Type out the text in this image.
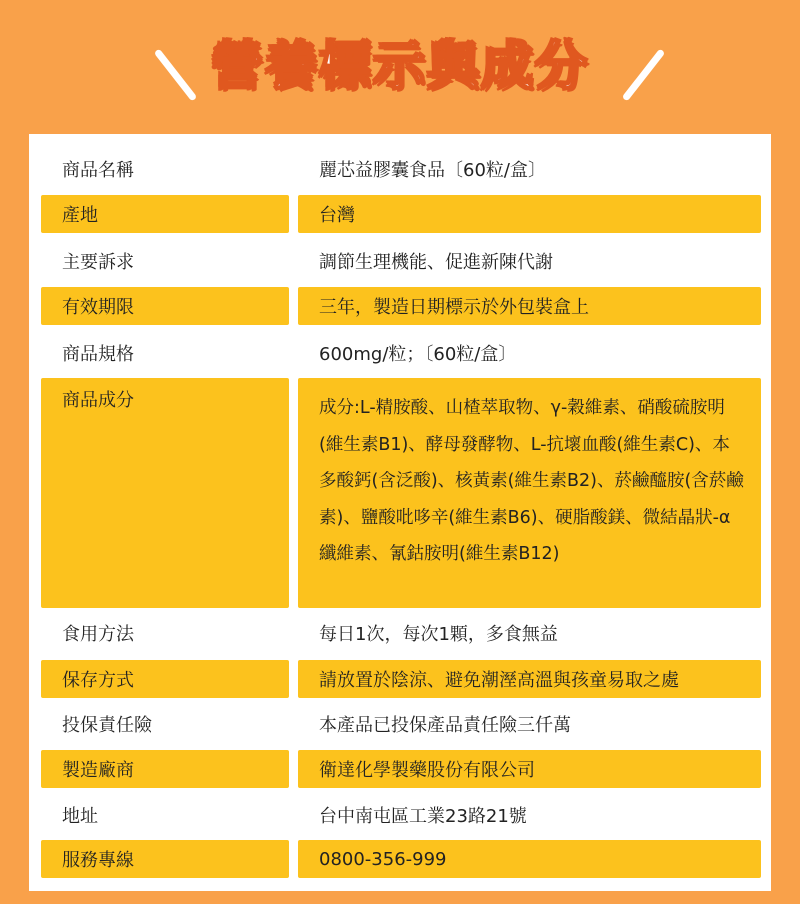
營養標示與成分
商品名稱	麗芯益膠囊食品〔60粒/盒〕
產地	台灣
主要訴求	調節生理機能、促進新陳代謝
有效期限	三年，製造日期標示於外包裝盒上
商品規格	600mg/粒；〔60粒/盒〕
商品成分	成分:L-精胺酸、山楂萃取物、γ-穀維素、硝酸硫胺明(維生素B1)、酵母發酵物、L-抗壞血酸(維生素C)、本多酸鈣(含泛酸)、核黃素(維生素B2)、菸鹼醯胺(含菸鹼素)、鹽酸吡哆辛(維生素B6)、硬脂酸鎂、微結晶狀-α纖維素、氰鈷胺明(維生素B12)
食用方法	每日1次，每次1顆，多食無益
保存方式	請放置於陰涼、避免潮溼高溫與孩童易取之處
投保責任險	本產品已投保產品責任險三仟萬
製造廠商	衛達化學製藥股份有限公司
地址	台中南屯區工業23路21號
服務專線	0800-356-999
